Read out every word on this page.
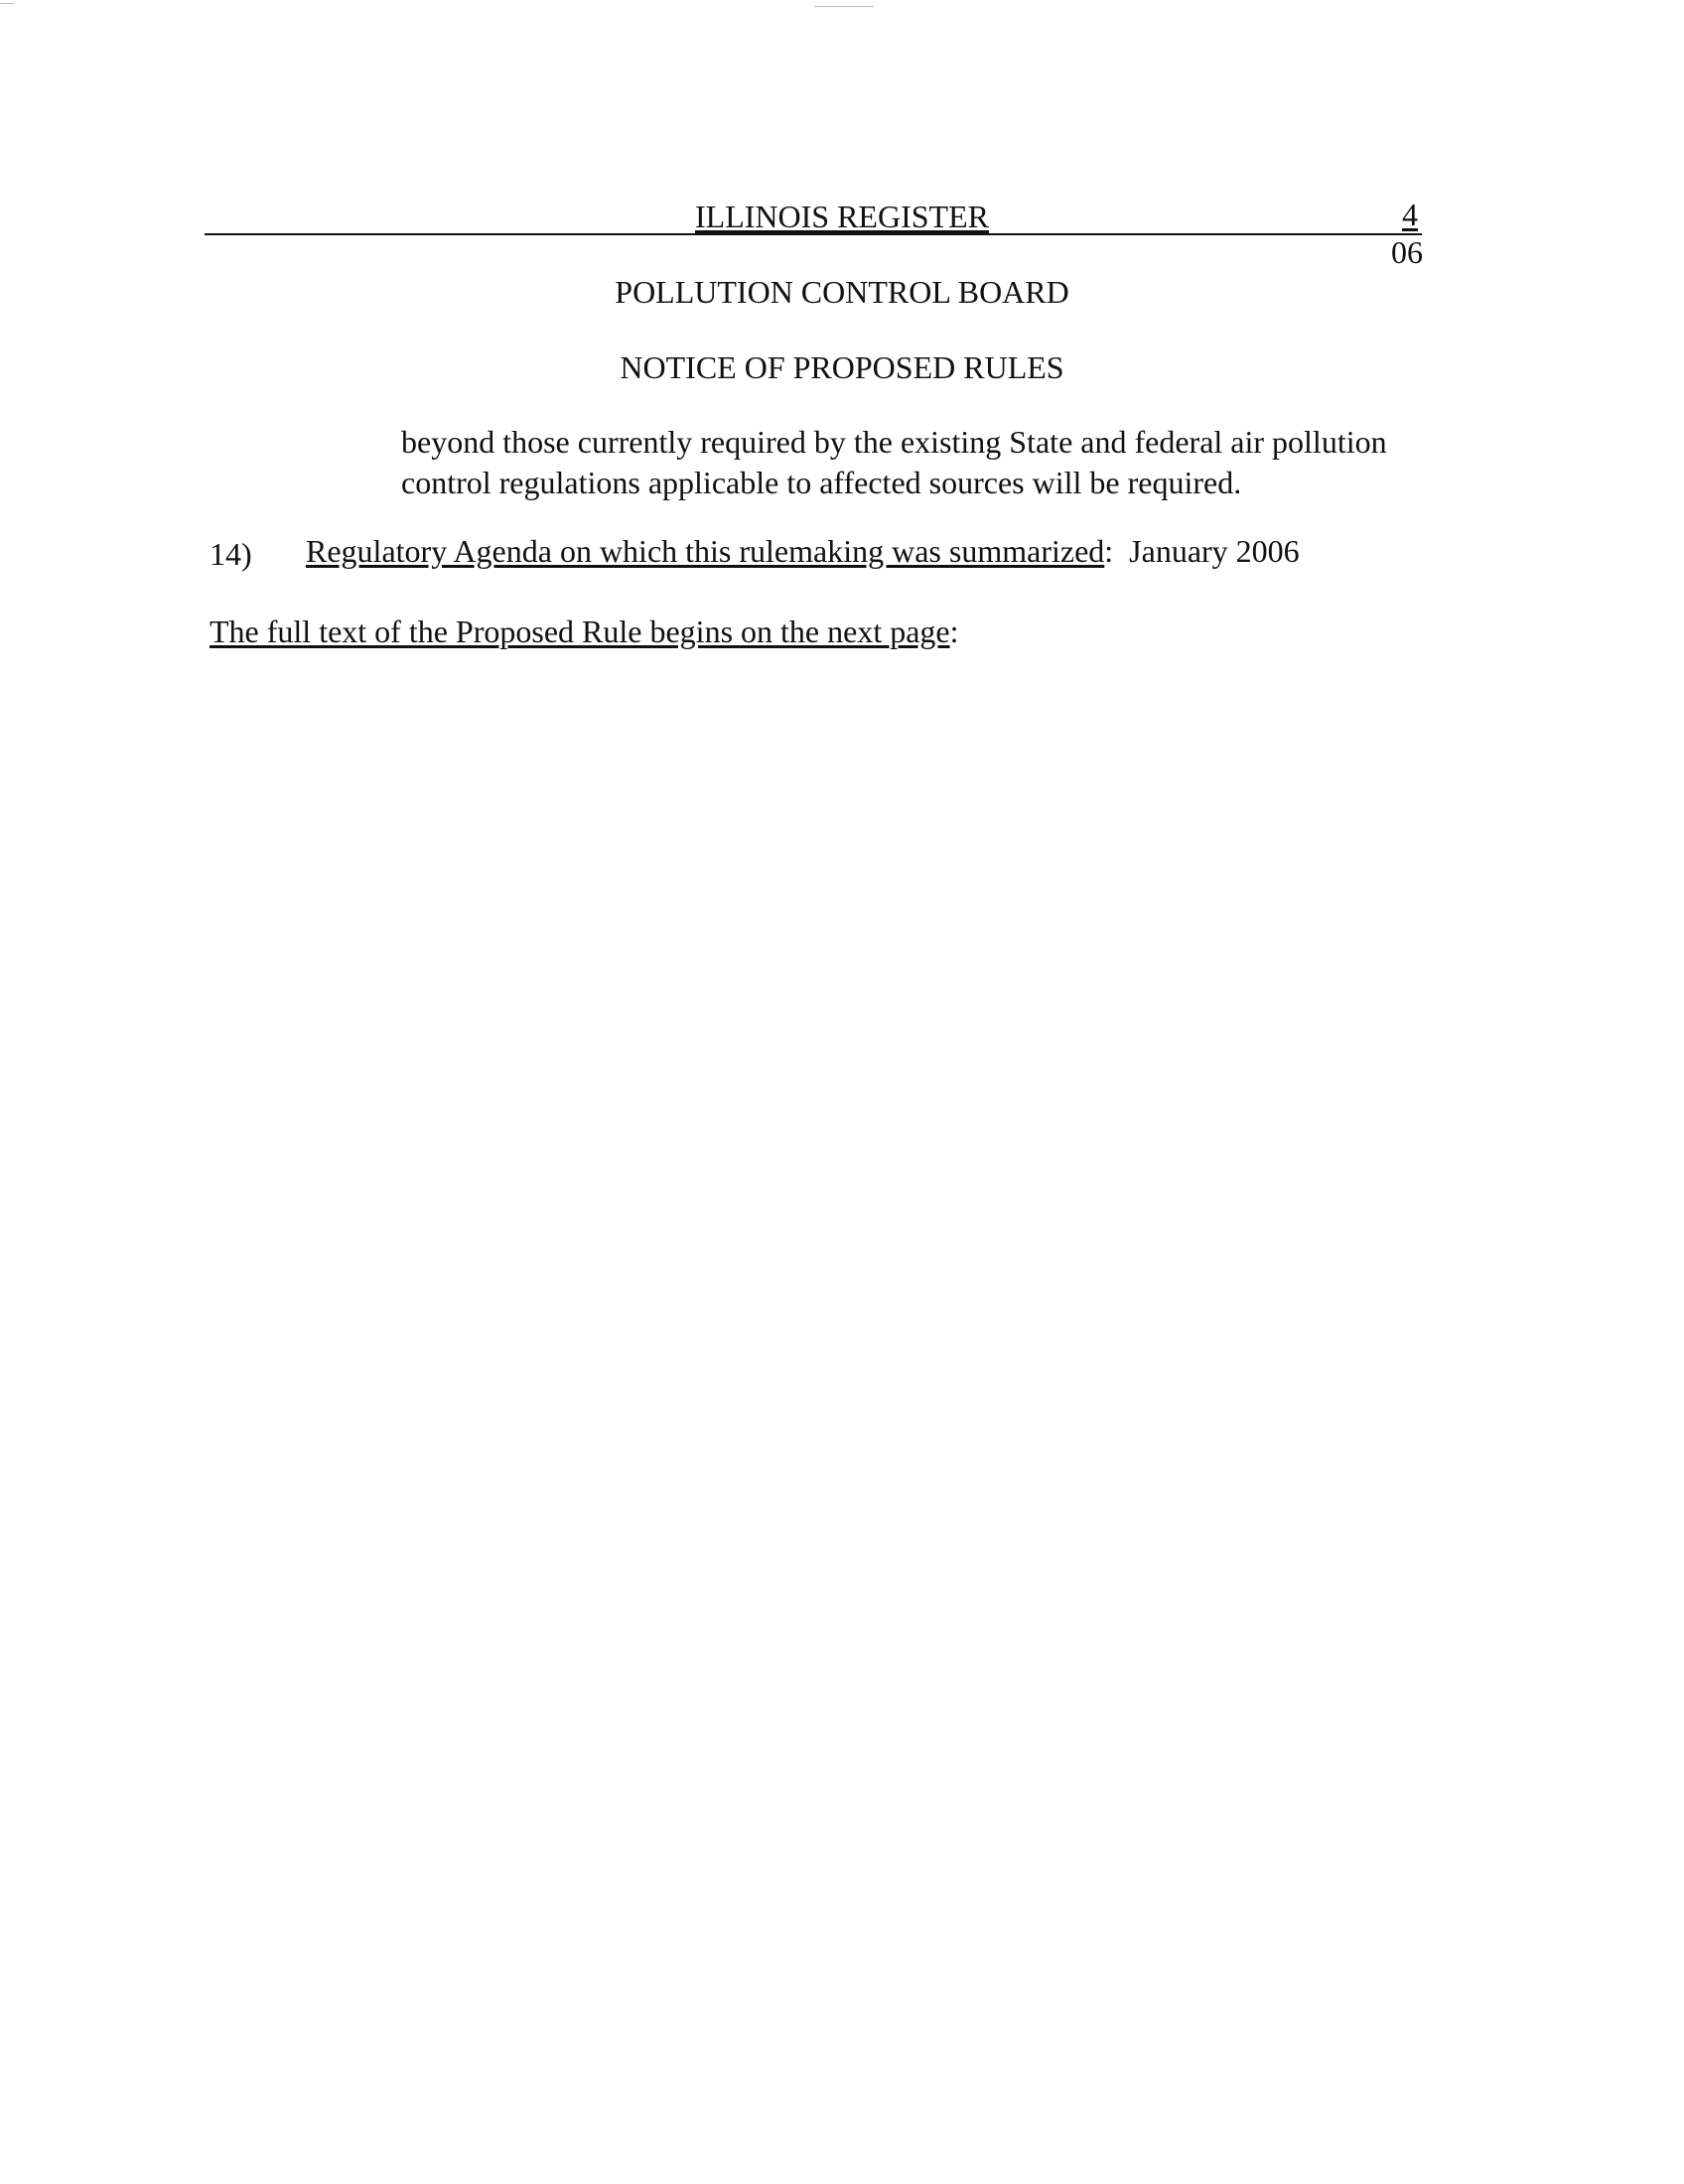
ILLINOIS REGISTER	4
06
POLLUTION CONTROL BOARD
NOTICE OF PROPOSED RULES
beyond those currently required by the existing State and federal air pollution
control regulations applicable to affected sources will be required.
14) Regulatory Agenda on which this rulemaking was summarized: January 2006
The full text of the Proposed Rule begins on the next page:
